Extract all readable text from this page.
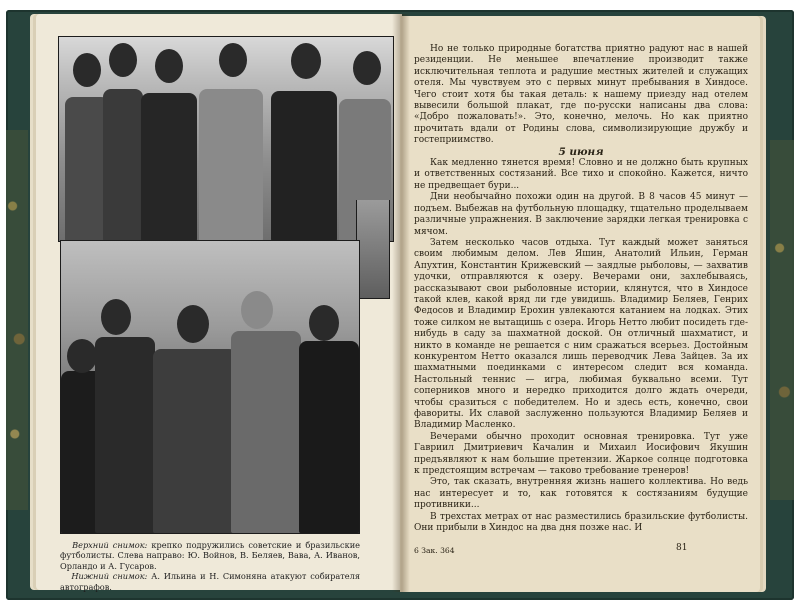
Верхний снимок: крепко подружились советские и бразильские футболисты. Слева направо: Ю. Войнов, В. Беляев, Вава, А. Иванов, Орландо и А. Гусаров.
Нижний снимок: А. Ильина и Н. Симоняна атакуют собирателя автографов.

Но не только природные богатства приятно радуют нас в нашей резиденции. Не меньшее впечатление производит также исключительная теплота и радушие местных жителей и служащих отеля. Мы чувствуем это с первых минут пребывания в Хиндосе. Чего стоит хотя бы такая деталь: к нашему приезду над отелем вывесили большой плакат, где по-русски написаны два слова: «Добро пожаловать!». Это, конечно, мелочь. Но как приятно прочитать вдали от Родины слова, символизирующие дружбу и гостеприимство.

5 июня

Как медленно тянется время! Словно и не должно быть крупных и ответственных состязаний. Все тихо и спокойно. Кажется, ничто не предвещает бури...

Дни необычайно похожи один на другой. В 8 часов 45 минут — подъем. Выбежав на футбольную площадку, тщательно проделываем различные упражнения. В заключение зарядки легкая тренировка с мячом.

Затем несколько часов отдыха. Тут каждый может заняться своим любимым делом. Лев Яшин, Анатолий Ильин, Герман Апухтин, Константин Крижевский — заядлые рыболовы, — захватив удочки, отправляются к озеру. Вечерами они, захлебываясь, рассказывают свои рыболовные истории, клянутся, что в Хиндосе такой клев, какой вряд ли где увидишь. Владимир Беляев, Генрих Федосов и Владимир Ерохин увлекаются катанием на лодках. Этих тоже силком не вытащишь с озера. Игорь Нетто любит посидеть где-нибудь в саду за шахматной доской. Он отличный шахматист, и никто в команде не решается с ним сражаться всерьез. Достойным конкурентом Нетто оказался лишь переводчик Лева Зайцев. За их шахматными поединками с интересом следит вся команда. Настольный теннис — игра, любимая буквально всеми. Тут соперников много и нередко приходится долго ждать очереди, чтобы сразиться с победителем. Но и здесь есть, конечно, свои фавориты. Их славой заслуженно пользуются Владимир Беляев и Владимир Масленко.

Вечерами обычно проходит основная тренировка. Тут уже Гавриил Дмитриевич Качалин и Михаил Иосифович Якушин предъявляют к нам большие претензии. Жаркое солнце подготовка к предстоящим встречам — таково требование тренеров!

Это, так сказать, внутренняя жизнь нашего коллектива. Но ведь нас интересует и то, как готовятся к состязаниям будущие противники...

В трехстах метрах от нас разместились бразильские футболисты. Они прибыли в Хиндос на два дня позже нас. И

6 Зак. 364	81
